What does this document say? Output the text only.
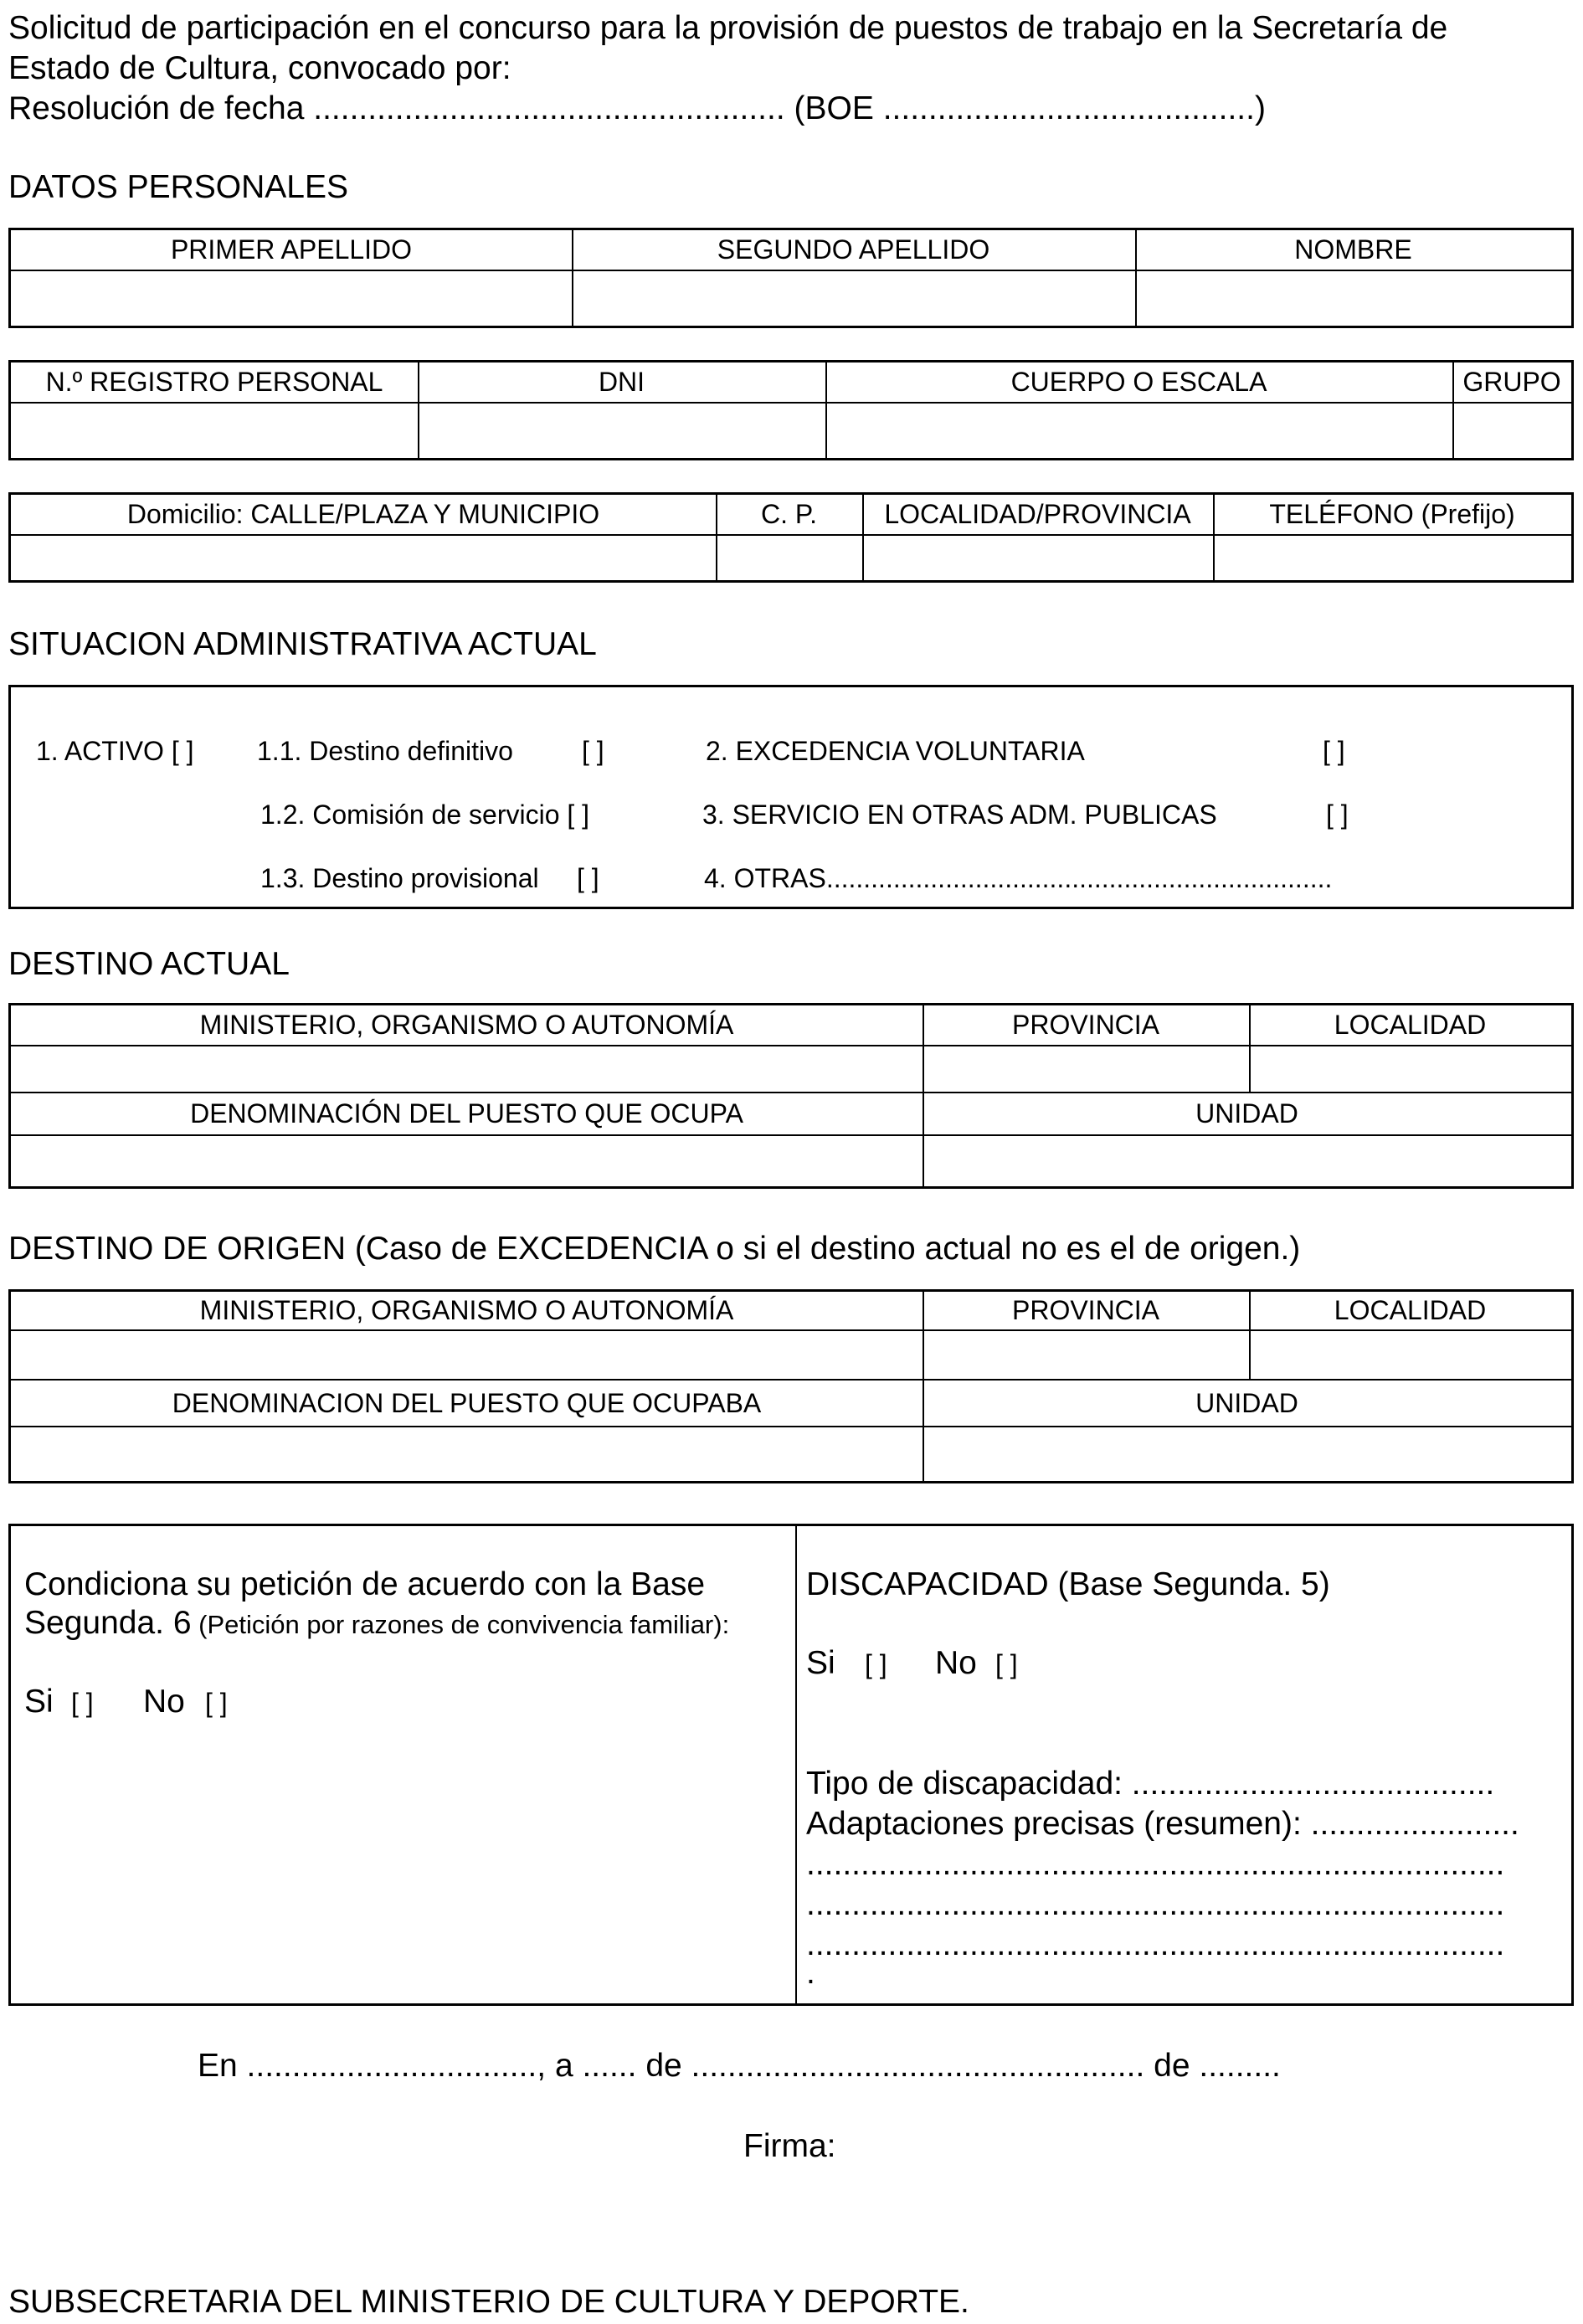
Solicitud de participación en el concurso para la provisión de puestos de trabajo en la Secretaría de
Estado de Cultura, convocado por:
Resolución de fecha .................................................... (BOE .........................................)
DATOS PERSONALES
PRIMER APELLIDO	SEGUNDO APELLIDO	NOMBRE
N.º REGISTRO PERSONAL	DNI	CUERPO O ESCALA	GRUPO
Domicilio: CALLE/PLAZA Y MUNICIPIO	C. P.	LOCALIDAD/PROVINCIA	TELÉFONO (Prefijo)
SITUACION ADMINISTRATIVA ACTUAL
1. ACTIVO [ ] 1.1. Destino definitivo	[ ]	2. EXCEDENCIA VOLUNTARIA	[ ]
1.2. Comisión de servicio [ ]	3. SERVICIO EN OTRAS ADM. PUBLICAS	[ ]
1.3. Destino provisional [ ]	4. OTRAS....................................................................
DESTINO ACTUAL
MINISTERIO, ORGANISMO O AUTONOMÍA	PROVINCIA	LOCALIDAD
DENOMINACIÓN DEL PUESTO QUE OCUPA	UNIDAD
DESTINO DE ORIGEN (Caso de EXCEDENCIA o si el destino actual no es el de origen.)
MINISTERIO, ORGANISMO O AUTONOMÍA	PROVINCIA	LOCALIDAD
DENOMINACION DEL PUESTO QUE OCUPABA	UNIDAD
Condiciona su petición de acuerdo con la Base
Segunda. 6 (Petición por razones de convivencia familiar):
Si [ ] No [ ]
DISCAPACIDAD (Base Segunda. 5)
Si [ ] No [ ]
Tipo de discapacidad: ........................................
Adaptaciones precisas (resumen): .......................
.............................................................................
.............................................................................
.............................................................................
.
En ................................, a ...... de .................................................. de .........
Firma:
SUBSECRETARIA DEL MINISTERIO DE CULTURA Y DEPORTE.
